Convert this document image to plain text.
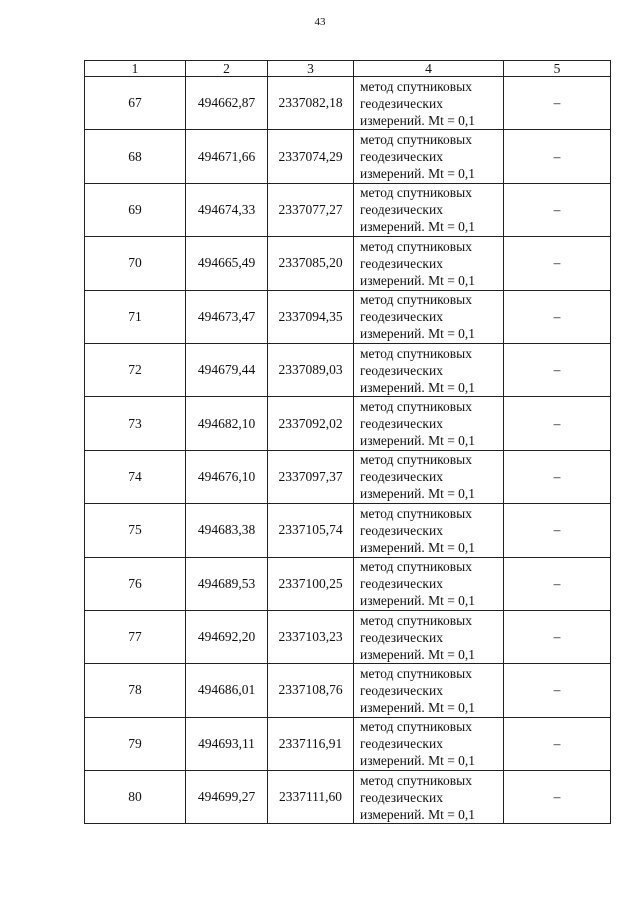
43
1	2	3	4	5
67	494662,87	2337082,18	метод спутниковых
геодезических
измерений. Mt = 0,1	–
68	494671,66	2337074,29	метод спутниковых
геодезических
измерений. Mt = 0,1	–
69	494674,33	2337077,27	метод спутниковых
геодезических
измерений. Mt = 0,1	–
70	494665,49	2337085,20	метод спутниковых
геодезических
измерений. Mt = 0,1	–
71	494673,47	2337094,35	метод спутниковых
геодезических
измерений. Mt = 0,1	–
72	494679,44	2337089,03	метод спутниковых
геодезических
измерений. Mt = 0,1	–
73	494682,10	2337092,02	метод спутниковых
геодезических
измерений. Mt = 0,1	–
74	494676,10	2337097,37	метод спутниковых
геодезических
измерений. Mt = 0,1	–
75	494683,38	2337105,74	метод спутниковых
геодезических
измерений. Mt = 0,1	–
76	494689,53	2337100,25	метод спутниковых
геодезических
измерений. Mt = 0,1	–
77	494692,20	2337103,23	метод спутниковых
геодезических
измерений. Mt = 0,1	–
78	494686,01	2337108,76	метод спутниковых
геодезических
измерений. Mt = 0,1	–
79	494693,11	2337116,91	метод спутниковых
геодезических
измерений. Mt = 0,1	–
80	494699,27	2337111,60	метод спутниковых
геодезических
измерений. Mt = 0,1	–
